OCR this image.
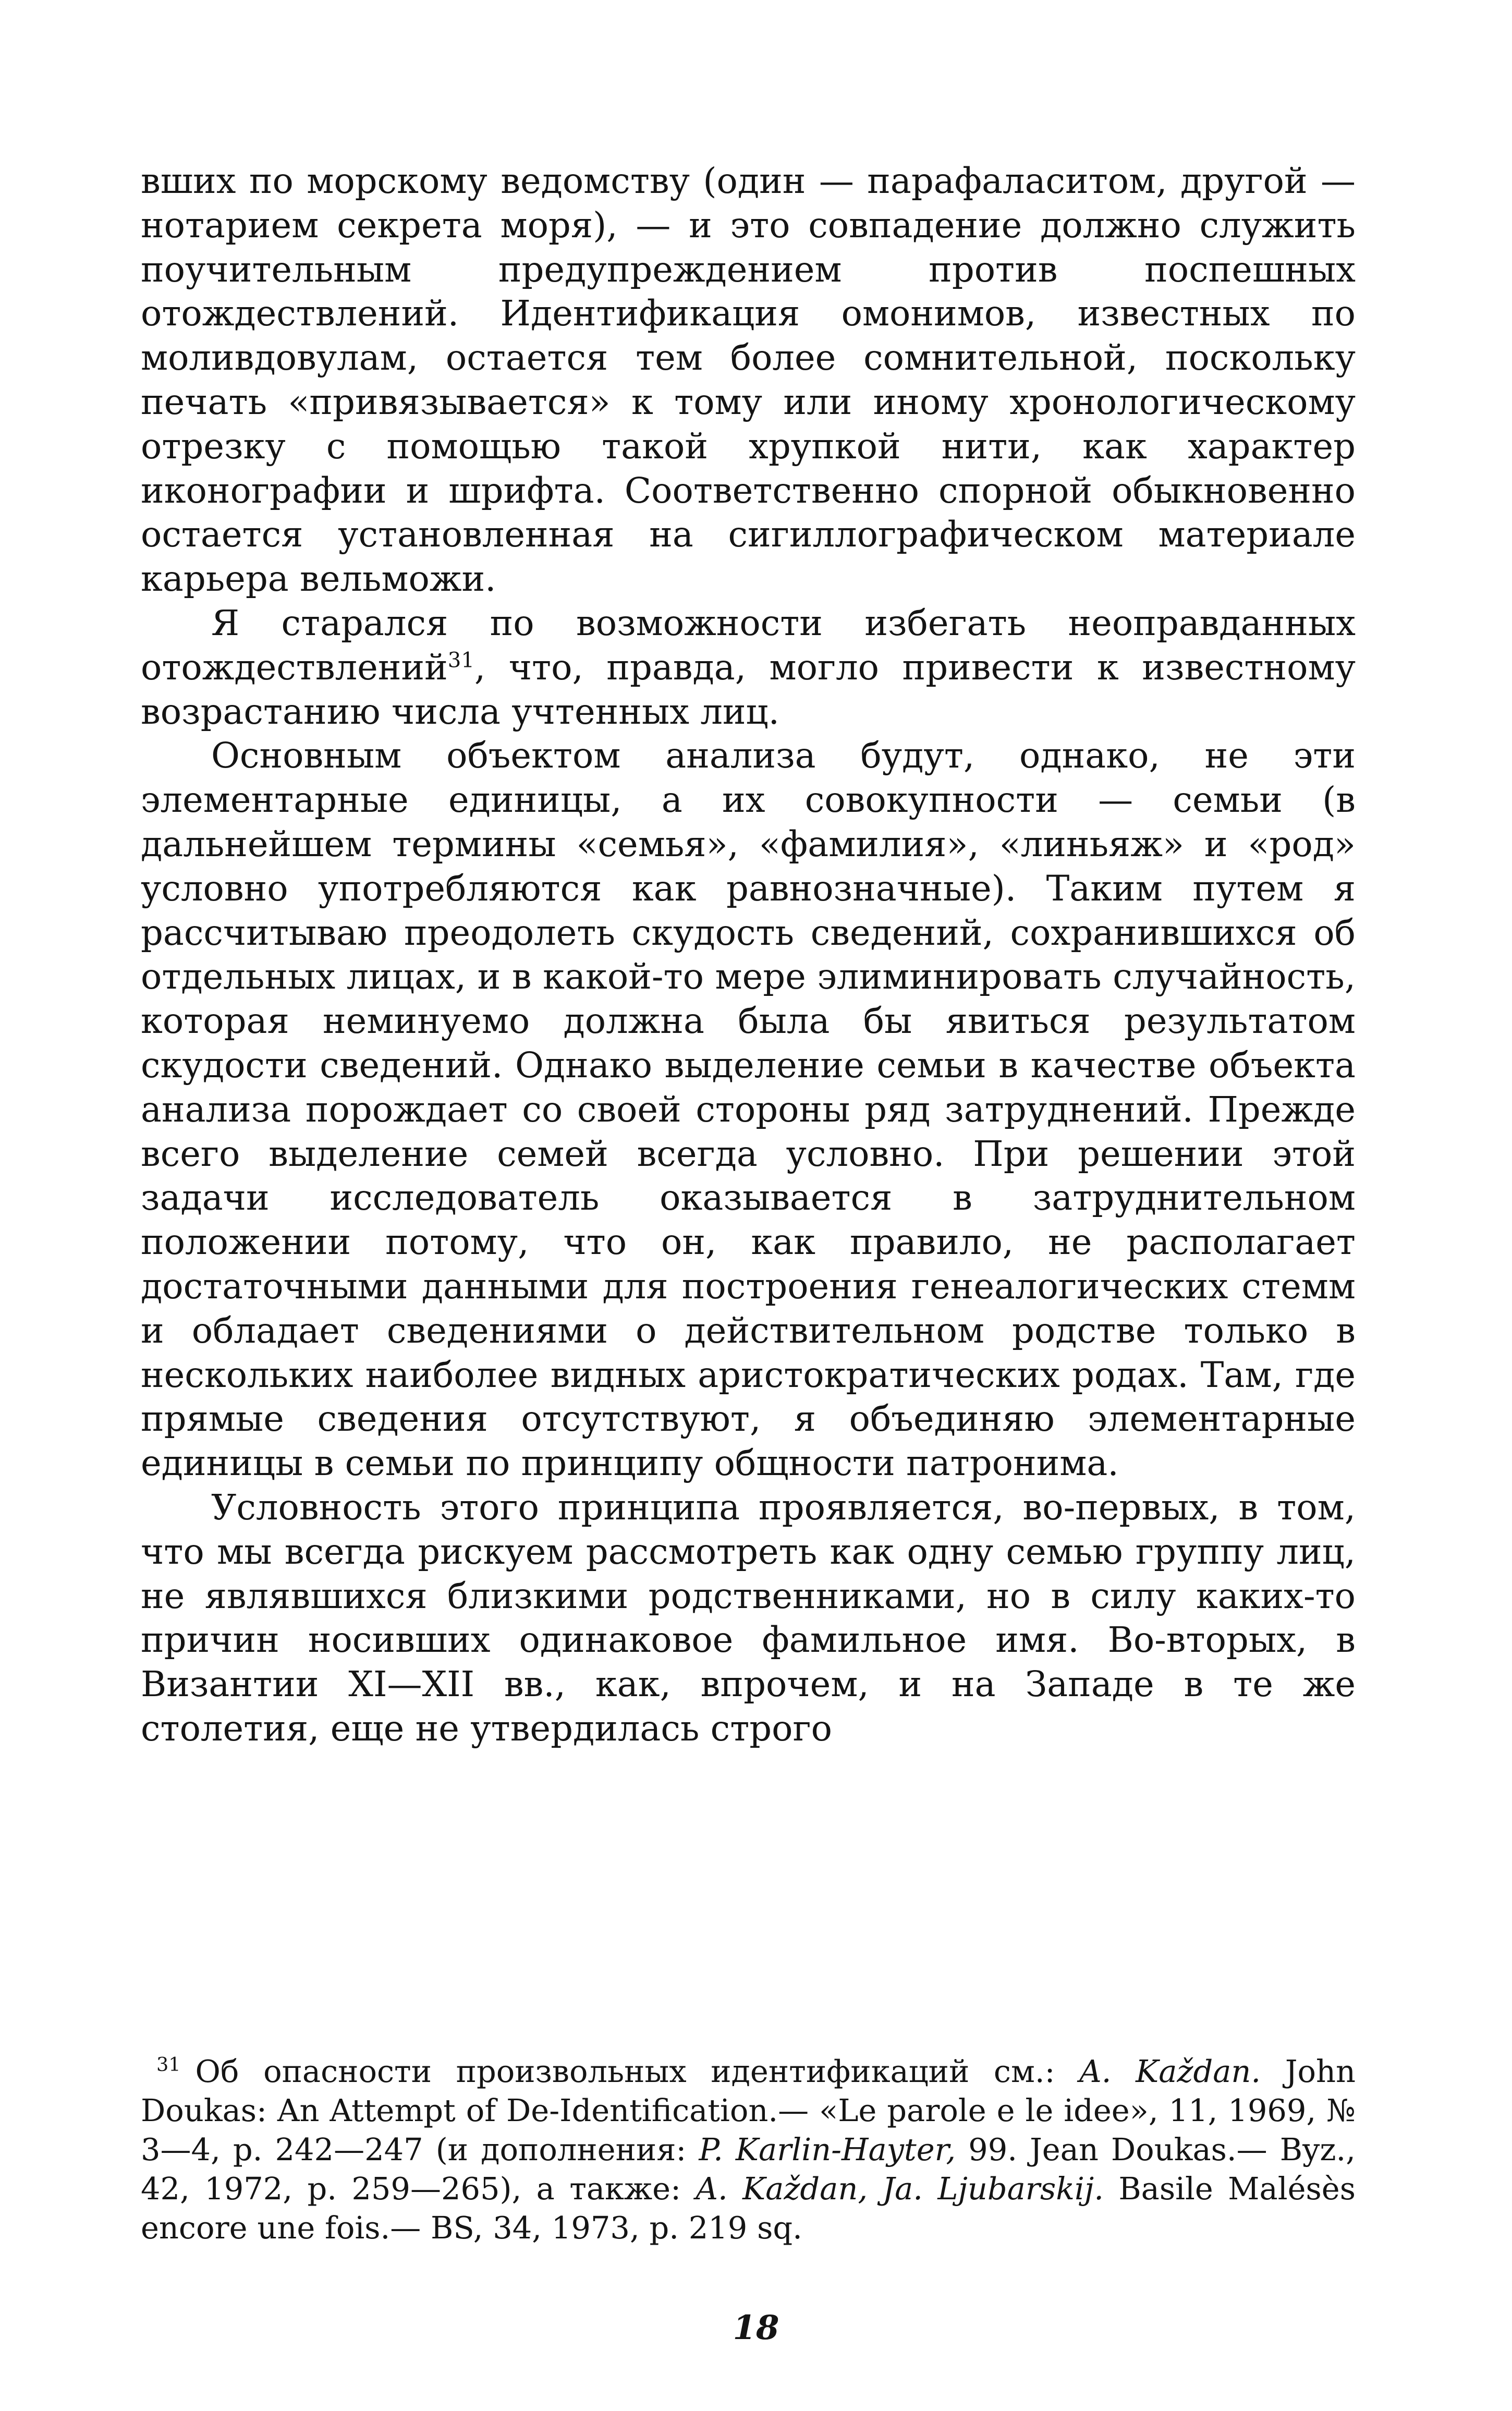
вших по морскому ведомству (один — парафаласитом, другой — нотарием секрета моря), — и это совпадение должно служить поучительным предупреждением против поспешных отождествлений. Идентификация омонимов, известных по моливдовулам, остается тем более сомнительной, поскольку печать «привязывается» к тому или иному хронологическому отрезку с помощью такой хрупкой нити, как характер иконографии и шрифта. Соответственно спорной обыкновенно остается установленная на сигиллографическом материале карьера вельможи.

Я старался по возможности избегать неоправданных отождествлений$^{31}$, что, правда, могло привести к известному возрастанию числа учтенных лиц.

Основным объектом анализа будут, однако, не эти элементарные единицы, а их совокупности — семьи (в дальнейшем термины «семья», «фамилия», «линьяж» и «род» условно употребляются как равнозначные). Таким путем я рассчитываю преодолеть скудость сведений, сохранившихся об отдельных лицах, и в какой-то мере элиминировать случайность, которая неминуемо должна была бы явиться результатом скудости сведений. Однако выделение семьи в качестве объекта анализа порождает со своей стороны ряд затруднений. Прежде всего выделение семей всегда условно. При решении этой задачи исследователь оказывается в затруднительном положении потому, что он, как правило, не располагает достаточными данными для построения генеалогических стемм и обладает сведениями о действительном родстве только в нескольких наиболее видных аристократических родах. Там, где прямые сведения отсутствуют, я объединяю элементарные единицы в семьи по принципу общности патронима.

Условность этого принципа проявляется, во-первых, в том, что мы всегда рискуем рассмотреть как одну семью группу лиц, не являвшихся близкими родственниками, но в силу каких-то причин носивших одинаковое фамильное имя. Во-вторых, в Византии XI—XII вв., как, впрочем, и на Западе в те же столетия, еще не утвердилась строго

$^{31}$ Об опасности произвольных идентификаций см.: A. Každan. John Doukas: An Attempt of De-Identification.— «Le parole e le idee», 11, 1969, № 3—4, p. 242—247 (и дополнения: P. Karlin-Hayter, 99. Jean Doukas.— Byz., 42, 1972, p. 259—265), а также: A. Každan, Ja. Ljubarskij. Basile Malésès encore une fois.— BS, 34, 1973, p. 219 sq.
18
